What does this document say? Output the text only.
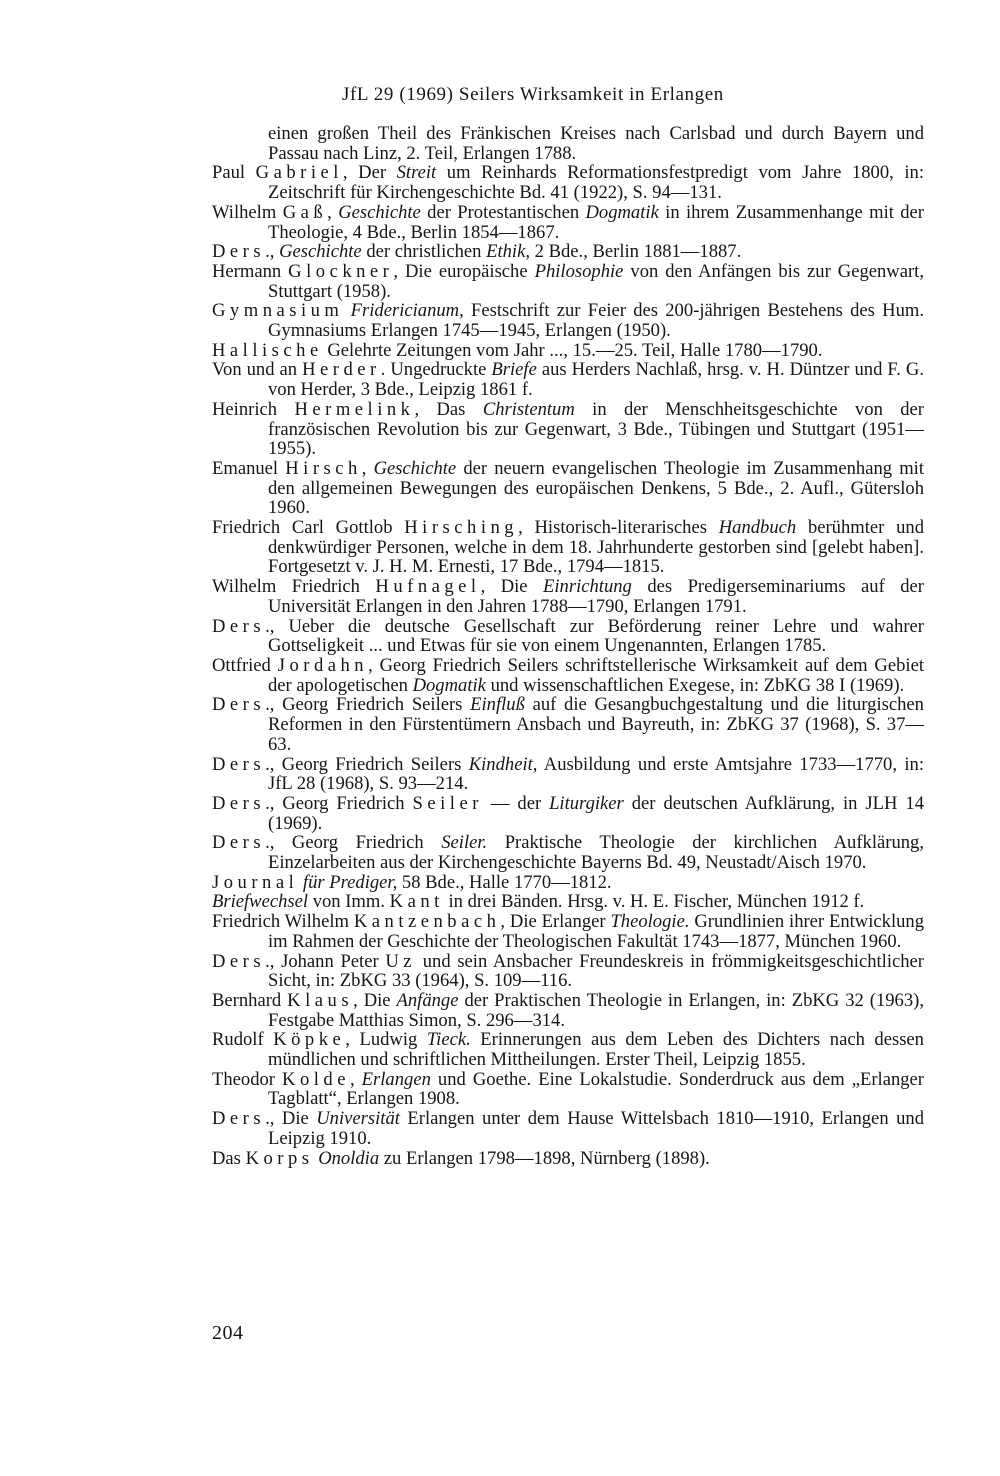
JfL 29 (1969) Seilers Wirksamkeit in Erlangen

einen großen Theil des Fränkischen Kreises nach Carlsbad und durch Bayern und Passau nach Linz, 2. Teil, Erlangen 1788.

Paul Gabriel, Der Streit um Reinhards Reformationsfestpredigt vom Jahre 1800, in: Zeitschrift für Kirchengeschichte Bd. 41 (1922), S. 94—131.

Wilhelm Gaß, Geschichte der Protestantischen Dogmatik in ihrem Zusammenhange mit der Theologie, 4 Bde., Berlin 1854—1867.

Ders., Geschichte der christlichen Ethik, 2 Bde., Berlin 1881—1887.

Hermann Glockner, Die europäische Philosophie von den Anfängen bis zur Gegenwart, Stuttgart (1958).

Gymnasium Fridericianum, Festschrift zur Feier des 200-jährigen Bestehens des Hum. Gymnasiums Erlangen 1745—1945, Erlangen (1950).

Hallische Gelehrte Zeitungen vom Jahr ..., 15.—25. Teil, Halle 1780—1790.

Von und an Herder. Ungedruckte Briefe aus Herders Nachlaß, hrsg. v. H. Düntzer und F. G. von Herder, 3 Bde., Leipzig 1861 f.

Heinrich Hermelink, Das Christentum in der Menschheitsgeschichte von der französischen Revolution bis zur Gegenwart, 3 Bde., Tübingen und Stuttgart (1951—1955).

Emanuel Hirsch, Geschichte der neuern evangelischen Theologie im Zusammenhang mit den allgemeinen Bewegungen des europäischen Denkens, 5 Bde., 2. Aufl., Gütersloh 1960.

Friedrich Carl Gottlob Hirsching, Historisch-literarisches Handbuch berühmter und denkwürdiger Personen, welche in dem 18. Jahrhunderte gestorben sind [gelebt haben]. Fortgesetzt v. J. H. M. Ernesti, 17 Bde., 1794—1815.

Wilhelm Friedrich Hufnagel, Die Einrichtung des Predigerseminariums auf der Universität Erlangen in den Jahren 1788—1790, Erlangen 1791.

Ders., Ueber die deutsche Gesellschaft zur Beförderung reiner Lehre und wahrer Gottseligkeit ... und Etwas für sie von einem Ungenannten, Erlangen 1785.

Ottfried Jordahn, Georg Friedrich Seilers schriftstellerische Wirksamkeit auf dem Gebiet der apologetischen Dogmatik und wissenschaftlichen Exegese, in: ZbKG 38 I (1969).

Ders., Georg Friedrich Seilers Einfluß auf die Gesangbuchgestaltung und die liturgischen Reformen in den Fürstentümern Ansbach und Bayreuth, in: ZbKG 37 (1968), S. 37—63.

Ders., Georg Friedrich Seilers Kindheit, Ausbildung und erste Amtsjahre 1733—1770, in: JfL 28 (1968), S. 93—214.

Ders., Georg Friedrich Seiler — der Liturgiker der deutschen Aufklärung, in JLH 14 (1969).

Ders., Georg Friedrich Seiler. Praktische Theologie der kirchlichen Aufklärung, Einzelarbeiten aus der Kirchengeschichte Bayerns Bd. 49, Neustadt/Aisch 1970.

Journal für Prediger, 58 Bde., Halle 1770—1812.

Briefwechsel von Imm. Kant in drei Bänden. Hrsg. v. H. E. Fischer, München 1912 f.

Friedrich Wilhelm Kantzenbach, Die Erlanger Theologie. Grundlinien ihrer Entwicklung im Rahmen der Geschichte der Theologischen Fakultät 1743—1877, München 1960.

Ders., Johann Peter Uz und sein Ansbacher Freundeskreis in frömmigkeitsgeschichtlicher Sicht, in: ZbKG 33 (1964), S. 109—116.

Bernhard Klaus, Die Anfänge der Praktischen Theologie in Erlangen, in: ZbKG 32 (1963), Festgabe Matthias Simon, S. 296—314.

Rudolf Köpke, Ludwig Tieck. Erinnerungen aus dem Leben des Dichters nach dessen mündlichen und schriftlichen Mittheilungen. Erster Theil, Leipzig 1855.

Theodor Kolde, Erlangen und Goethe. Eine Lokalstudie. Sonderdruck aus dem „Erlanger Tagblatt“, Erlangen 1908.

Ders., Die Universität Erlangen unter dem Hause Wittelsbach 1810—1910, Erlangen und Leipzig 1910.

Das Korps Onoldia zu Erlangen 1798—1898, Nürnberg (1898).

204
